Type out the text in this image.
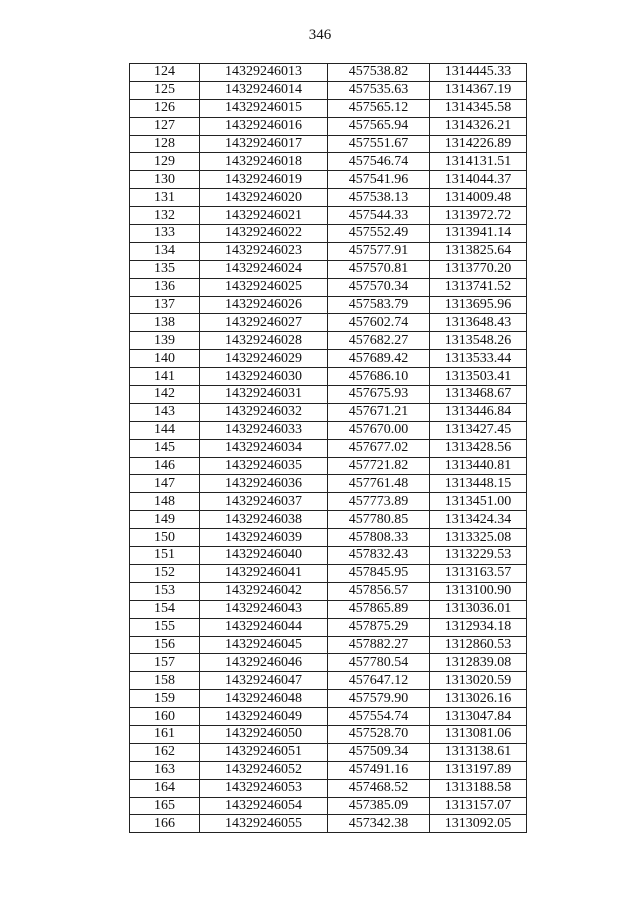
346
124	14329246013	457538.82	1314445.33
125	14329246014	457535.63	1314367.19
126	14329246015	457565.12	1314345.58
127	14329246016	457565.94	1314326.21
128	14329246017	457551.67	1314226.89
129	14329246018	457546.74	1314131.51
130	14329246019	457541.96	1314044.37
131	14329246020	457538.13	1314009.48
132	14329246021	457544.33	1313972.72
133	14329246022	457552.49	1313941.14
134	14329246023	457577.91	1313825.64
135	14329246024	457570.81	1313770.20
136	14329246025	457570.34	1313741.52
137	14329246026	457583.79	1313695.96
138	14329246027	457602.74	1313648.43
139	14329246028	457682.27	1313548.26
140	14329246029	457689.42	1313533.44
141	14329246030	457686.10	1313503.41
142	14329246031	457675.93	1313468.67
143	14329246032	457671.21	1313446.84
144	14329246033	457670.00	1313427.45
145	14329246034	457677.02	1313428.56
146	14329246035	457721.82	1313440.81
147	14329246036	457761.48	1313448.15
148	14329246037	457773.89	1313451.00
149	14329246038	457780.85	1313424.34
150	14329246039	457808.33	1313325.08
151	14329246040	457832.43	1313229.53
152	14329246041	457845.95	1313163.57
153	14329246042	457856.57	1313100.90
154	14329246043	457865.89	1313036.01
155	14329246044	457875.29	1312934.18
156	14329246045	457882.27	1312860.53
157	14329246046	457780.54	1312839.08
158	14329246047	457647.12	1313020.59
159	14329246048	457579.90	1313026.16
160	14329246049	457554.74	1313047.84
161	14329246050	457528.70	1313081.06
162	14329246051	457509.34	1313138.61
163	14329246052	457491.16	1313197.89
164	14329246053	457468.52	1313188.58
165	14329246054	457385.09	1313157.07
166	14329246055	457342.38	1313092.05
